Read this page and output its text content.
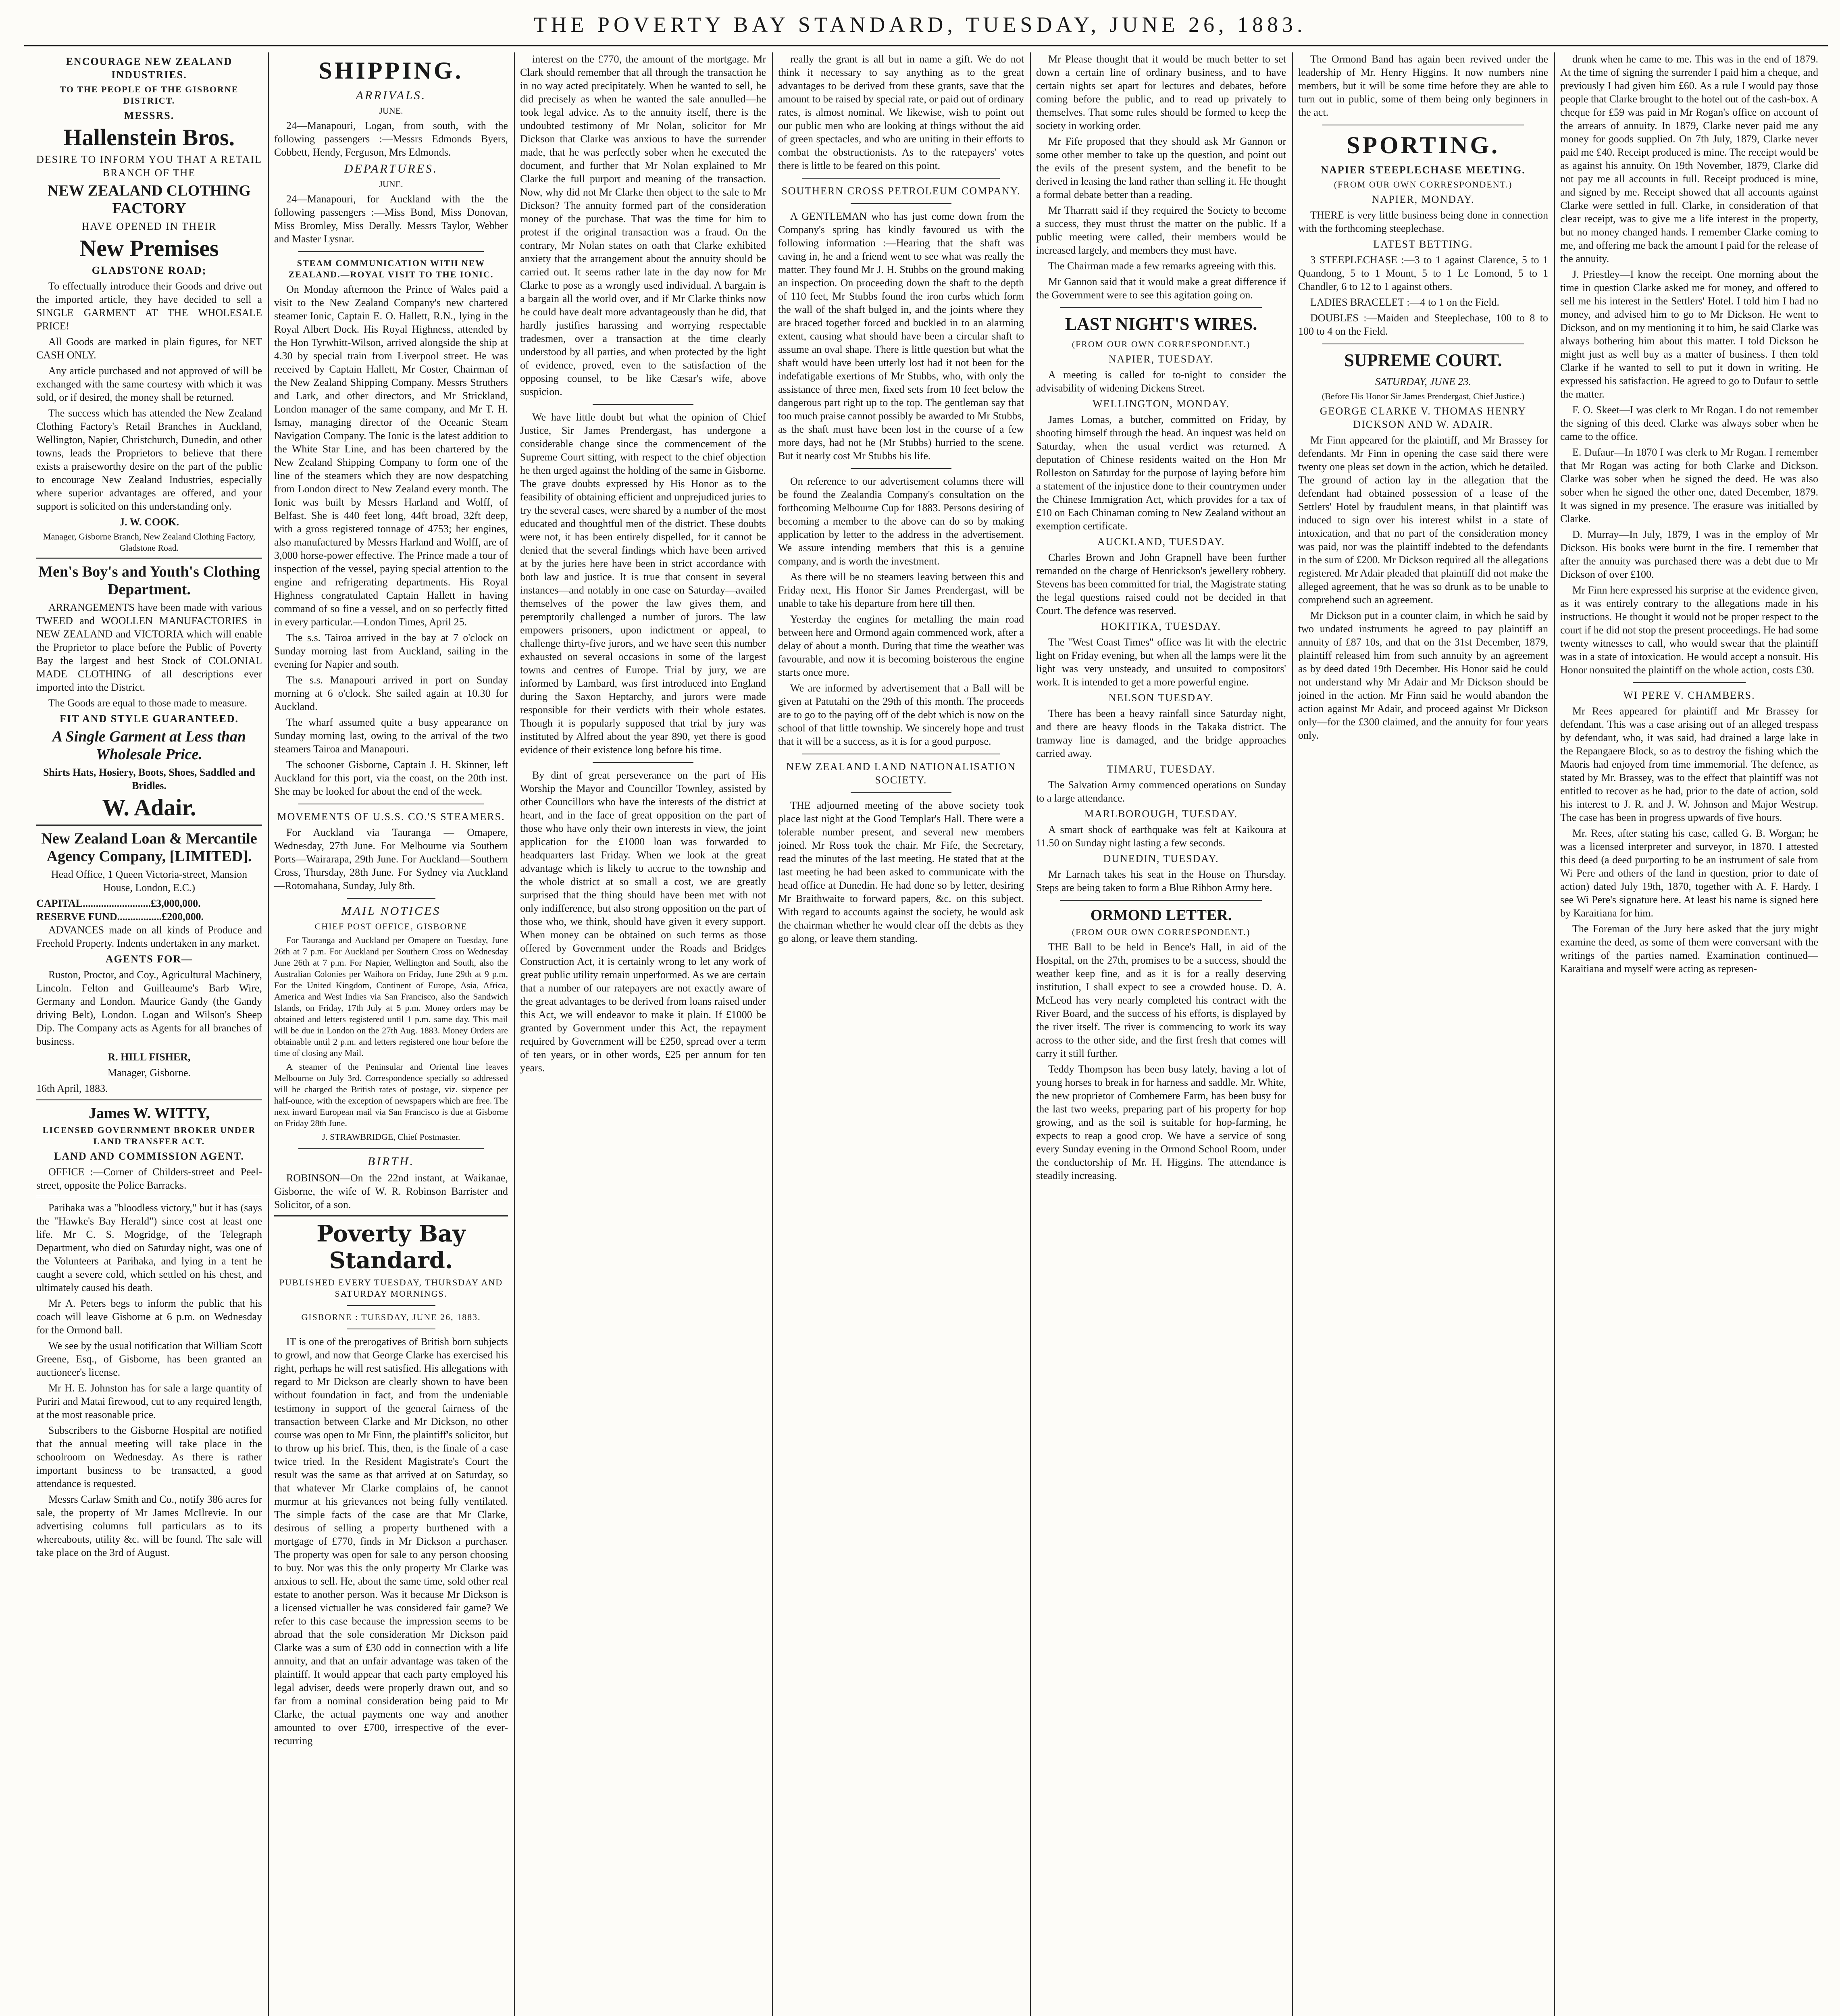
THE POVERTY BAY STANDARD, TUESDAY, JUNE 26, 1883.
ENCOURAGE NEW ZEALAND INDUSTRIES.
TO THE PEOPLE OF THE GISBORNE DISTRICT.
MESSRS.
Hallenstein Bros.
DESIRE TO INFORM YOU THAT A RETAIL BRANCH OF THE
NEW ZEALAND CLOTHING FACTORY
HAVE OPENED IN THEIR
New Premises
GLADSTONE ROAD;

To effectually introduce their Goods and drive out the imported article, they have decided to sell a SINGLE GARMENT AT THE WHOLESALE PRICE!

All Goods are marked in plain figures, for NET CASH ONLY.

Any article purchased and not approved of will be exchanged with the same courtesy with which it was sold, or if desired, the money shall be returned.

The success which has attended the New Zealand Clothing Factory's Retail Branches in Auckland, Wellington, Napier, Christchurch, Dunedin, and other towns, leads the Proprietors to believe that there exists a praiseworthy desire on the part of the public to encourage New Zealand Industries, especially where superior advantages are offered, and your support is solicited on this understanding only.

J. W. COOK.
Manager, Gisborne Branch, New Zealand Clothing Factory, Gladstone Road.
Men's Boy's and Youth's Clothing Department.

ARRANGEMENTS have been made with various TWEED and WOOLLEN MANUFACTORIES in NEW ZEALAND and VICTORIA which will enable the Proprietor to place before the Public of Poverty Bay the largest and best Stock of COLONIAL MADE CLOTHING of all descriptions ever imported into the District.

The Goods are equal to those made to measure.

FIT AND STYLE GUARANTEED.
A Single Garment at Less than Wholesale Price.
Shirts Hats, Hosiery, Boots, Shoes, Saddled and Bridles.
W. Adair.
New Zealand Loan & Mercantile Agency Company, [LIMITED].
Head Office, 1 Queen Victoria-street, Mansion House, London, E.C.)
CAPITAL..........................£3,000,000.
RESERVE FUND.................£200,000.

ADVANCES made on all kinds of Produce and Freehold Property. Indents undertaken in any market.

AGENTS FOR—

Ruston, Proctor, and Coy., Agricultural Machinery, Lincoln. Felton and Guilleaume's Barb Wire, Germany and London. Maurice Gandy (the Gandy driving Belt), London. Logan and Wilson's Sheep Dip. The Company acts as Agents for all branches of business.

R. HILL FISHER,
Manager, Gisborne.
16th April, 1883.
James W. WITTY,
LICENSED GOVERNMENT BROKER UNDER LAND TRANSFER ACT.
LAND AND COMMISSION AGENT.

OFFICE :—Corner of Childers-street and Peel-street, opposite the Police Barracks.

Parihaka was a "bloodless victory," but it has (says the "Hawke's Bay Herald") since cost at least one life. Mr C. S. Mogridge, of the Telegraph Department, who died on Saturday night, was one of the Volunteers at Parihaka, and lying in a tent he caught a severe cold, which settled on his chest, and ultimately caused his death.

Mr A. Peters begs to inform the public that his coach will leave Gisborne at 6 p.m. on Wednesday for the Ormond ball.

We see by the usual notification that William Scott Greene, Esq., of Gisborne, has been granted an auctioneer's license.

Mr H. E. Johnston has for sale a large quantity of Puriri and Matai firewood, cut to any required length, at the most reasonable price.

Subscribers to the Gisborne Hospital are notified that the annual meeting will take place in the schoolroom on Wednesday. As there is rather important business to be transacted, a good attendance is requested.

Messrs Carlaw Smith and Co., notify 386 acres for sale, the property of Mr James McIlrevie. In our advertising columns full particulars as to its whereabouts, utility &c. will be found. The sale will take place on the 3rd of August.

SHIPPING.
ARRIVALS.
JUNE.

24—Manapouri, Logan, from south, with the following passengers :—Messrs Edmonds Byers, Cobbett, Hendy, Ferguson, Mrs Edmonds.

DEPARTURES.
JUNE.

24—Manapouri, for Auckland with the the following passengers :—Miss Bond, Miss Donovan, Miss Bromley, Miss Derally. Messrs Taylor, Webber and Master Lysnar.

STEAM COMMUNICATION WITH NEW ZEALAND.—ROYAL VISIT TO THE IONIC.

On Monday afternoon the Prince of Wales paid a visit to the New Zealand Company's new chartered steamer Ionic, Captain E. O. Hallett, R.N., lying in the Royal Albert Dock. His Royal Highness, attended by the Hon Tyrwhitt-Wilson, arrived alongside the ship at 4.30 by special train from Liverpool street. He was received by Captain Hallett, Mr Coster, Chairman of the New Zealand Shipping Company. Messrs Struthers and Lark, and other directors, and Mr Strickland, London manager of the same company, and Mr T. H. Ismay, managing director of the Oceanic Steam Navigation Company. The Ionic is the latest addition to the White Star Line, and has been chartered by the New Zealand Shipping Company to form one of the line of the steamers which they are now despatching from London direct to New Zealand every month. The Ionic was built by Messrs Harland and Wolff, of Belfast. She is 440 feet long, 44ft broad, 32ft deep, with a gross registered tonnage of 4753; her engines, also manufactured by Messrs Harland and Wolff, are of 3,000 horse-power effective. The Prince made a tour of inspection of the vessel, paying special attention to the engine and refrigerating departments. His Royal Highness congratulated Captain Hallett in having command of so fine a vessel, and on so perfectly fitted in every particular.—London Times, April 25.

The s.s. Tairoa arrived in the bay at 7 o'clock on Sunday morning last from Auckland, sailing in the evening for Napier and south.

The s.s. Manapouri arrived in port on Sunday morning at 6 o'clock. She sailed again at 10.30 for Auckland.

The wharf assumed quite a busy appearance on Sunday morning last, owing to the arrival of the two steamers Tairoa and Manapouri.

The schooner Gisborne, Captain J. H. Skinner, left Auckland for this port, via the coast, on the 20th inst. She may be looked for about the end of the week.

MOVEMENTS OF U.S.S. CO.'S STEAMERS.

For Auckland via Tauranga — Omapere, Wednesday, 27th June. For Melbourne via Southern Ports—Wairarapa, 29th June. For Auckland—Southern Cross, Thursday, 28th June. For Sydney via Auckland—Rotomahana, Sunday, July 8th.

MAIL NOTICES
CHIEF POST OFFICE, GISBORNE

For Tauranga and Auckland per Omapere on Tuesday, June 26th at 7 p.m. For Auckland per Southern Cross on Wednesday June 26th at 7 p.m. For Napier, Wellington and South, also the Australian Colonies per Waihora on Friday, June 29th at 9 p.m. For the United Kingdom, Continent of Europe, Asia, Africa, America and West Indies via San Francisco, also the Sandwich Islands, on Friday, 17th July at 5 p.m. Money orders may be obtained and letters registered until 1 p.m. same day. This mail will be due in London on the 27th Aug. 1883. Money Orders are obtainable until 2 p.m. and letters registered one hour before the time of closing any Mail.

A steamer of the Peninsular and Oriental line leaves Melbourne on July 3rd. Correspondence specially so addressed will be charged the British rates of postage, viz. sixpence per half-ounce, with the exception of newspapers which are free. The next inward European mail via San Francisco is due at Gisborne on Friday 28th June.

J. STRAWBRIDGE, Chief Postmaster.
BIRTH.

ROBINSON—On the 22nd instant, at Waikanae, Gisborne, the wife of W. R. Robinson Barrister and Solicitor, of a son.

Poverty Bay Standard.
PUBLISHED EVERY TUESDAY, THURSDAY AND SATURDAY MORNINGS.
GISBORNE : TUESDAY, JUNE 26, 1883.

IT is one of the prerogatives of British born subjects to growl, and now that George Clarke has exercised his right, perhaps he will rest satisfied. His allegations with regard to Mr Dickson are clearly shown to have been without foundation in fact, and from the undeniable testimony in support of the general fairness of the transaction between Clarke and Mr Dickson, no other course was open to Mr Finn, the plaintiff's solicitor, but to throw up his brief. This, then, is the finale of a case twice tried. In the Resident Magistrate's Court the result was the same as that arrived at on Saturday, so that whatever Mr Clarke complains of, he cannot murmur at his grievances not being fully ventilated. The simple facts of the case are that Mr Clarke, desirous of selling a property burthened with a mortgage of £770, finds in Mr Dickson a purchaser. The property was open for sale to any person choosing to buy. Nor was this the only property Mr Clarke was anxious to sell. He, about the same time, sold other real estate to another person. Was it because Mr Dickson is a licensed victualler he was considered fair game? We refer to this case because the impression seems to be abroad that the sole consideration Mr Dickson paid Clarke was a sum of £30 odd in connection with a life annuity, and that an unfair advantage was taken of the plaintiff. It would appear that each party employed his legal adviser, deeds were properly drawn out, and so far from a nominal consideration being paid to Mr Clarke, the actual payments one way and another amounted to over £700, irrespective of the ever-recurring

interest on the £770, the amount of the mortgage. Mr Clark should remember that all through the transaction he in no way acted precipitately. When he wanted to sell, he did precisely as when he wanted the sale annulled—he took legal advice. As to the annuity itself, there is the undoubted testimony of Mr Nolan, solicitor for Mr Dickson that Clarke was anxious to have the surrender made, that he was perfectly sober when he executed the document, and further that Mr Nolan explained to Mr Clarke the full purport and meaning of the transaction. Now, why did not Mr Clarke then object to the sale to Mr Dickson? The annuity formed part of the consideration money of the purchase. That was the time for him to protest if the original transaction was a fraud. On the contrary, Mr Nolan states on oath that Clarke exhibited anxiety that the arrangement about the annuity should be carried out. It seems rather late in the day now for Mr Clarke to pose as a wrongly used individual. A bargain is a bargain all the world over, and if Mr Clarke thinks now he could have dealt more advantageously than he did, that hardly justifies harassing and worrying respectable tradesmen, over a transaction at the time clearly understood by all parties, and when protected by the light of evidence, proved, even to the satisfaction of the opposing counsel, to be like Cæsar's wife, above suspicion.

We have little doubt but what the opinion of Chief Justice, Sir James Prendergast, has undergone a considerable change since the commencement of the Supreme Court sitting, with respect to the chief objection he then urged against the holding of the same in Gisborne. The grave doubts expressed by His Honor as to the feasibility of obtaining efficient and unprejudiced juries to try the several cases, were shared by a number of the most educated and thoughtful men of the district. These doubts were not, it has been entirely dispelled, for it cannot be denied that the several findings which have been arrived at by the juries here have been in strict accordance with both law and justice. It is true that consent in several instances—and notably in one case on Saturday—availed themselves of the power the law gives them, and peremptorily challenged a number of jurors. The law empowers prisoners, upon indictment or appeal, to challenge thirty-five jurors, and we have seen this number exhausted on several occasions in some of the largest towns and centres of Europe. Trial by jury, we are informed by Lambard, was first introduced into England during the Saxon Heptarchy, and jurors were made responsible for their verdicts with their whole estates. Though it is popularly supposed that trial by jury was instituted by Alfred about the year 890, yet there is good evidence of their existence long before his time.

By dint of great perseverance on the part of His Worship the Mayor and Councillor Townley, assisted by other Councillors who have the interests of the district at heart, and in the face of great opposition on the part of those who have only their own interests in view, the joint application for the £1000 loan was forwarded to headquarters last Friday. When we look at the great advantage which is likely to accrue to the township and the whole district at so small a cost, we are greatly surprised that the thing should have been met with not only indifference, but also strong opposition on the part of those who, we think, should have given it every support. When money can be obtained on such terms as those offered by Government under the Roads and Bridges Construction Act, it is certainly wrong to let any work of great public utility remain unperformed. As we are certain that a number of our ratepayers are not exactly aware of the great advantages to be derived from loans raised under this Act, we will endeavor to make it plain. If £1000 be granted by Government under this Act, the repayment required by Government will be £250, spread over a term of ten years, or in other words, £25 per annum for ten years.

really the grant is all but in name a gift. We do not think it necessary to say anything as to the great advantages to be derived from these grants, save that the amount to be raised by special rate, or paid out of ordinary rates, is almost nominal. We likewise, wish to point out our public men who are looking at things without the aid of green spectacles, and who are uniting in their efforts to combat the obstructionists. As to the ratepayers' votes there is little to be feared on this point.

SOUTHERN CROSS PETROLEUM COMPANY.

A GENTLEMAN who has just come down from the Company's spring has kindly favoured us with the following information :—Hearing that the shaft was caving in, he and a friend went to see what was really the matter. They found Mr J. H. Stubbs on the ground making an inspection. On proceeding down the shaft to the depth of 110 feet, Mr Stubbs found the iron curbs which form the wall of the shaft bulged in, and the joints where they are braced together forced and buckled in to an alarming extent, causing what should have been a circular shaft to assume an oval shape. There is little question but what the shaft would have been utterly lost had it not been for the indefatigable exertions of Mr Stubbs, who, with only the assistance of three men, fixed sets from 10 feet below the dangerous part right up to the top. The gentleman say that too much praise cannot possibly be awarded to Mr Stubbs, as the shaft must have been lost in the course of a few more days, had not he (Mr Stubbs) hurried to the scene. But it nearly cost Mr Stubbs his life.

On reference to our advertisement columns there will be found the Zealandia Company's consultation on the forthcoming Melbourne Cup for 1883. Persons desiring of becoming a member to the above can do so by making application by letter to the address in the advertisement. We assure intending members that this is a genuine company, and is worth the investment.

As there will be no steamers leaving between this and Friday next, His Honor Sir James Prendergast, will be unable to take his departure from here till then.

Yesterday the engines for metalling the main road between here and Ormond again commenced work, after a delay of about a month. During that time the weather was favourable, and now it is becoming boisterous the engine starts once more.

We are informed by advertisement that a Ball will be given at Patutahi on the 29th of this month. The proceeds are to go to the paying off of the debt which is now on the school of that little township. We sincerely hope and trust that it will be a success, as it is for a good purpose.

NEW ZEALAND LAND NATIONALISATION SOCIETY.

THE adjourned meeting of the above society took place last night at the Good Templar's Hall. There were a tolerable number present, and several new members joined. Mr Ross took the chair. Mr Fife, the Secretary, read the minutes of the last meeting. He stated that at the last meeting he had been asked to communicate with the head office at Dunedin. He had done so by letter, desiring Mr Braithwaite to forward papers, &c. on this subject. With regard to accounts against the society, he would ask the chairman whether he would clear off the debts as they go along, or leave them standing.

Mr Please thought that it would be much better to set down a certain line of ordinary business, and to have certain nights set apart for lectures and debates, before coming before the public, and to read up privately to themselves. That some rules should be formed to keep the society in working order.

Mr Fife proposed that they should ask Mr Gannon or some other member to take up the question, and point out the evils of the present system, and the benefit to be derived in leasing the land rather than selling it. He thought a formal debate better than a reading.

Mr Tharratt said if they required the Society to become a success, they must thrust the matter on the public. If a public meeting were called, their members would be increased largely, and members they must have.

The Chairman made a few remarks agreeing with this.

Mr Gannon said that it would make a great difference if the Government were to see this agitation going on.

LAST NIGHT'S WIRES.
(FROM OUR OWN CORRESPONDENT.)
NAPIER, TUESDAY.

A meeting is called for to-night to consider the advisability of widening Dickens Street.

WELLINGTON, MONDAY.

James Lomas, a butcher, committed on Friday, by shooting himself through the head. An inquest was held on Saturday, when the usual verdict was returned. A deputation of Chinese residents waited on the Hon Mr Rolleston on Saturday for the purpose of laying before him a statement of the injustice done to their countrymen under the Chinese Immigration Act, which provides for a tax of £10 on Each Chinaman coming to New Zealand without an exemption certificate.

AUCKLAND, TUESDAY.

Charles Brown and John Grapnell have been further remanded on the charge of Henrickson's jewellery robbery. Stevens has been committed for trial, the Magistrate stating the legal questions raised could not be decided in that Court. The defence was reserved.

HOKITIKA, TUESDAY.

The "West Coast Times" office was lit with the electric light on Friday evening, but when all the lamps were lit the light was very unsteady, and unsuited to compositors' work. It is intended to get a more powerful engine.

NELSON TUESDAY.

There has been a heavy rainfall since Saturday night, and there are heavy floods in the Takaka district. The tramway line is damaged, and the bridge approaches carried away.

TIMARU, TUESDAY.

The Salvation Army commenced operations on Sunday to a large attendance.

MARLBOROUGH, TUESDAY.

A smart shock of earthquake was felt at Kaikoura at 11.50 on Sunday night lasting a few seconds.

DUNEDIN, TUESDAY.

Mr Larnach takes his seat in the House on Thursday. Steps are being taken to form a Blue Ribbon Army here.

ORMOND LETTER.
(FROM OUR OWN CORRESPONDENT.)

THE Ball to be held in Bence's Hall, in aid of the Hospital, on the 27th, promises to be a success, should the weather keep fine, and as it is for a really deserving institution, I shall expect to see a crowded house. D. A. McLeod has very nearly completed his contract with the River Board, and the success of his efforts, is displayed by the river itself. The river is commencing to work its way across to the other side, and the first fresh that comes will carry it still further.

Teddy Thompson has been busy lately, having a lot of young horses to break in for harness and saddle. Mr. White, the new proprietor of Combemere Farm, has been busy for the last two weeks, preparing part of his property for hop growing, and as the soil is suitable for hop-farming, he expects to reap a good crop. We have a service of song every Sunday evening in the Ormond School Room, under the conductorship of Mr. H. Higgins. The attendance is steadily increasing.

The Ormond Band has again been revived under the leadership of Mr. Henry Higgins. It now numbers nine members, but it will be some time before they are able to turn out in public, some of them being only beginners in the act.

SPORTING.
NAPIER STEEPLECHASE MEETING.
(FROM OUR OWN CORRESPONDENT.)
NAPIER, MONDAY.

THERE is very little business being done in connection with the forthcoming steeplechase.

LATEST BETTING.

3 STEEPLECHASE :—3 to 1 against Clarence, 5 to 1 Quandong, 5 to 1 Mount, 5 to 1 Le Lomond, 5 to 1 Chandler, 6 to 12 to 1 against others.

LADIES BRACELET :—4 to 1 on the Field.

DOUBLES :—Maiden and Steeplechase, 100 to 8 to 100 to 4 on the Field.

SUPREME COURT.
SATURDAY, JUNE 23.
(Before His Honor Sir James Prendergast, Chief Justice.)
GEORGE CLARKE V. THOMAS HENRY DICKSON AND W. ADAIR.

Mr Finn appeared for the plaintiff, and Mr Brassey for defendants. Mr Finn in opening the case said there were twenty one pleas set down in the action, which he detailed. The ground of action lay in the allegation that the defendant had obtained possession of a lease of the Settlers' Hotel by fraudulent means, in that plaintiff was induced to sign over his interest whilst in a state of intoxication, and that no part of the consideration money was paid, nor was the plaintiff indebted to the defendants in the sum of £200. Mr Dickson required all the allegations registered. Mr Adair pleaded that plaintiff did not make the alleged agreement, that he was so drunk as to be unable to comprehend such an agreement.

Mr Dickson put in a counter claim, in which he said by two undated instruments he agreed to pay plaintiff an annuity of £87 10s, and that on the 31st December, 1879, plaintiff released him from such annuity by an agreement as by deed dated 19th December. His Honor said he could not understand why Mr Adair and Mr Dickson should be joined in the action. Mr Finn said he would abandon the action against Mr Adair, and proceed against Mr Dickson only—for the £300 claimed, and the annuity for four years only.

drunk when he came to me. This was in the end of 1879. At the time of signing the surrender I paid him a cheque, and previously I had given him £60. As a rule I would pay those people that Clarke brought to the hotel out of the cash-box. A cheque for £59 was paid in Mr Rogan's office on account of the arrears of annuity. In 1879, Clarke never paid me any money for goods supplied. On 7th July, 1879, Clarke never paid me £40. Receipt produced is mine. The receipt would be as against his annuity. On 19th November, 1879, Clarke did not pay me all accounts in full. Receipt produced is mine, and signed by me. Receipt showed that all accounts against Clarke were settled in full. Clarke, in consideration of that clear receipt, was to give me a life interest in the property, but no money changed hands. I remember Clarke coming to me, and offering me back the amount I paid for the release of the annuity.

J. Priestley—I know the receipt. One morning about the time in question Clarke asked me for money, and offered to sell me his interest in the Settlers' Hotel. I told him I had no money, and advised him to go to Mr Dickson. He went to Dickson, and on my mentioning it to him, he said Clarke was always bothering him about this matter. I told Dickson he might just as well buy as a matter of business. I then told Clarke if he wanted to sell to put it down in writing. He expressed his satisfaction. He agreed to go to Dufaur to settle the matter.

F. O. Skeet—I was clerk to Mr Rogan. I do not remember the signing of this deed. Clarke was always sober when he came to the office.

E. Dufaur—In 1870 I was clerk to Mr Rogan. I remember that Mr Rogan was acting for both Clarke and Dickson. Clarke was sober when he signed the deed. He was also sober when he signed the other one, dated December, 1879. It was signed in my presence. The erasure was initialled by Clarke.

D. Murray—In July, 1879, I was in the employ of Mr Dickson. His books were burnt in the fire. I remember that after the annuity was purchased there was a debt due to Mr Dickson of over £100.

Mr Finn here expressed his surprise at the evidence given, as it was entirely contrary to the allegations made in his instructions. He thought it would not be proper respect to the court if he did not stop the present proceedings. He had some twenty witnesses to call, who would swear that the plaintiff was in a state of intoxication. He would accept a nonsuit. His Honor nonsuited the plaintiff on the whole action, costs £30.

WI PERE V. CHAMBERS.

Mr Rees appeared for plaintiff and Mr Brassey for defendant. This was a case arising out of an alleged trespass by defendant, who, it was said, had drained a large lake in the Repangaere Block, so as to destroy the fishing which the Maoris had enjoyed from time immemorial. The defence, as stated by Mr. Brassey, was to the effect that plaintiff was not entitled to recover as he had, prior to the date of action, sold his interest to J. R. and J. W. Johnson and Major Westrup. The case has been in progress upwards of five hours.

Mr. Rees, after stating his case, called G. B. Worgan; he was a licensed interpreter and surveyor, in 1870. I attested this deed (a deed purporting to be an instrument of sale from Wi Pere and others of the land in question, prior to date of action) dated July 19th, 1870, together with A. F. Hardy. I see Wi Pere's signature here. At least his name is signed here by Karaitiana for him.

The Foreman of the Jury here asked that the jury might examine the deed, as some of them were conversant with the writings of the parties named. Examination continued—Karaitiana and myself were acting as represen-
